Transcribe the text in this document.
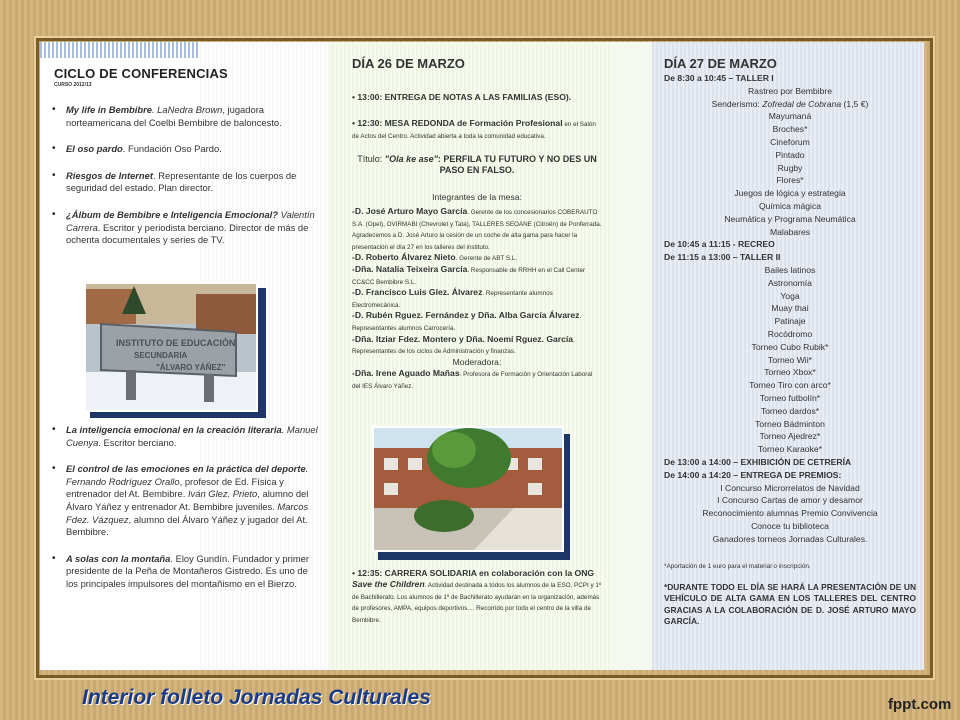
CICLO DE CONFERENCIAS
CURSO 2012/13
• My life in Bembibre. LaNedra Brown, jugadora norteamericana del Coelbi Bembibre de baloncesto.
• El oso pardo. Fundación Oso Pardo.
• Riesgos de Internet. Representante de los cuerpos de seguridad del estado. Plan director.
• ¿Álbum de Bembibre e Inteligencia Emocional? Valentín Carrera. Escritor y periodista berciano. Director de más de ochenta documentales y series de TV.
INSTITUTO DE EDUCACIÓN
SECUNDARIA
"ÁLVARO YÁÑEZ"
• La inteligencia emocional en la creación literaria. Manuel Cuenya. Escritor berciano.
• El control de las emociones en la práctica del deporte. Fernando Rodríguez Orallo, profesor de Ed. Física y entrenador del At. Bembibre. Iván Glez. Prieto, alumno del Álvaro Yáñez y entrenador At. Bembibre juveniles. Marcos Fdez. Vázquez, alumno del Álvaro Yáñez y jugador del At. Bembibre.
• A solas con la montaña. Eloy Gundín. Fundador y primer presidente de la Peña de Montañeros Gistredo. Es uno de los principales impulsores del montañismo en el Bierzo.
DÍA 26 DE MARZO
• 13:00: ENTREGA DE NOTAS A LAS FAMILIAS (ESO).
• 12:30: MESA REDONDA de Formación Profesional en el Salón de Actos del Centro. Actividad abierta a toda la comunidad educativa.
Título: "Ola ke ase": PERFILA TU FUTURO Y NO DES UN PASO EN FALSO.
Integrantes de la mesa:
-D. José Arturo Mayo García. Gerente de los concesionarios COBERAUTO S.A. (Opel), OVIRMABI (Chevrolet y Tata), TALLERES SEOANE (Citroën) de Ponferrada. Agradecemos a D. José Arturo la cesión de un coche de alta gama para hacer la presentación el día 27 en los talleres del instituto.
-D. Roberto Álvarez Nieto. Gerente de ABT S.L.
-Dña. Natalia Teixeira García. Responsable de RRHH en el Call Center CC&CC Bembibre S.L.
-D. Francisco Luis Glez. Álvarez. Representante alumnos Electromecánica.
-D. Rubén Rguez. Fernández y Dña. Alba García Álvarez. Representantes alumnos Carrocería.
-Dña. Itziar Fdez. Montero y Dña. Noemí Rguez. García. Representantes de los ciclos de Administración y finanzas.
Moderadora:
-Dña. Irene Aguado Mañas. Profesora de Formación y Orientación Laboral del IES Álvaro Yáñez.
• 12:35: CARRERA SOLIDARIA en colaboración con la ONG Save the Children. Actividad destinada a todos los alumnos de la ESO, PCPI y 1º de Bachillerato. Los alumnos de 1º de Bachillerato ayudarán en la organización, además de profesores, AMPA, equipos deportivos.... Recorrido por todo el centro de la villa de Bembibre.
DÍA 27 DE MARZO
De 8:30 a 10:45 – TALLER I
Rastreo por Bembibre
Senderismo: Zofredal de Cobrana (1,5 €)
Mayumaná
Broches*
Cineforum
Pintado
Rugby
Flores*
Juegos de lógica y estrategia
Química mágica
Neumática y Programa Neumática
Malabares
De 10:45 a 11:15 - RECREO
De 11:15 a 13:00 – TALLER II
Bailes latinos
Astronomía
Yoga
Muay thai
Patinaje
Rocódromo
Torneo Cubo Rubik*
Torneo Wii*
Torneo Xbox*
Torneo Tiro con arco*
Torneo futbolín*
Torneo dardos*
Torneo Bádminton
Torneo Ajedrez*
Torneo Karaoke*
De 13:00 a 14:00 – EXHIBICIÓN DE CETRERÍA
De 14:00 a 14:20 – ENTREGA DE PREMIOS:
I Concurso Microrrelatos de Navidad
I Concurso Cartas de amor y desamor
Reconocimiento alumnas Premio Convivencia
Conoce tu biblioteca
Ganadores torneos Jornadas Culturales.
*Aportación de 1 euro para el material o inscripción.
*DURANTE TODO EL DÍA SE HARÁ LA PRESENTACIÓN DE UN VEHÍCULO DE ALTA GAMA EN LOS TALLERES DEL CENTRO GRACIAS A LA COLABORACIÓN DE D. JOSÉ ARTURO MAYO GARCÍA.
Interior folleto Jornadas Culturales	fppt.com
